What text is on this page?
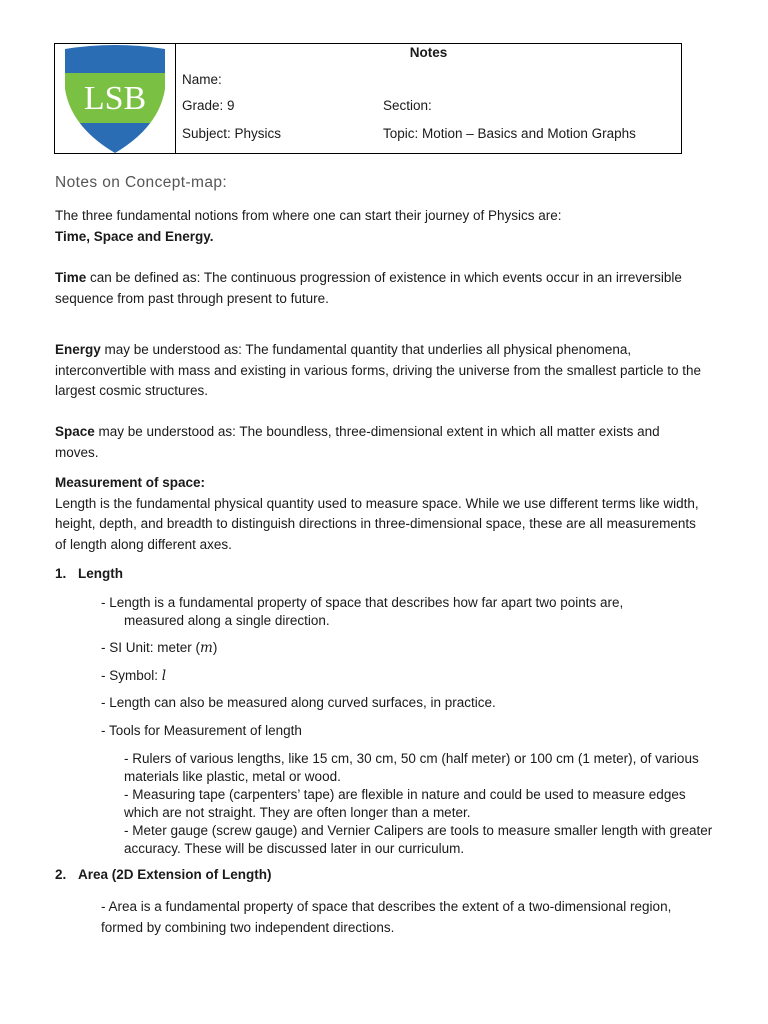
LSB
Notes
Name:
Grade: 9	Section:
Subject: Physics	Topic: Motion – Basics and Motion Graphs
Notes on Concept-map:
The three fundamental notions from where one can start their journey of Physics are:
Time, Space and Energy.
Time can be defined as: The continuous progression of existence in which events occur in an irreversible sequence from past through present to future.
Energy may be understood as: The fundamental quantity that underlies all physical phenomena, interconvertible with mass and existing in various forms, driving the universe from the smallest particle to the largest cosmic structures.
Space may be understood as: The boundless, three-dimensional extent in which all matter exists and moves.
Measurement of space:
Length is the fundamental physical quantity used to measure space. While we use different terms like width, height, depth, and breadth to distinguish directions in three-dimensional space, these are all measurements of length along different axes.
1. Length
- Length is a fundamental property of space that describes how far apart two points are,
measured along a single direction.
- SI Unit: meter (m)
- Symbol: l
- Length can also be measured along curved surfaces, in practice.
- Tools for Measurement of length
- Rulers of various lengths, like 15 cm, 30 cm, 50 cm (half meter) or 100 cm (1 meter), of various materials like plastic, metal or wood.
- Measuring tape (carpenters’ tape) are flexible in nature and could be used to measure edges which are not straight. They are often longer than a meter.
- Meter gauge (screw gauge) and Vernier Calipers are tools to measure smaller length with greater accuracy. These will be discussed later in our curriculum.
2. Area (2D Extension of Length)
- Area is a fundamental property of space that describes the extent of a two-dimensional region, formed by combining two independent directions.
